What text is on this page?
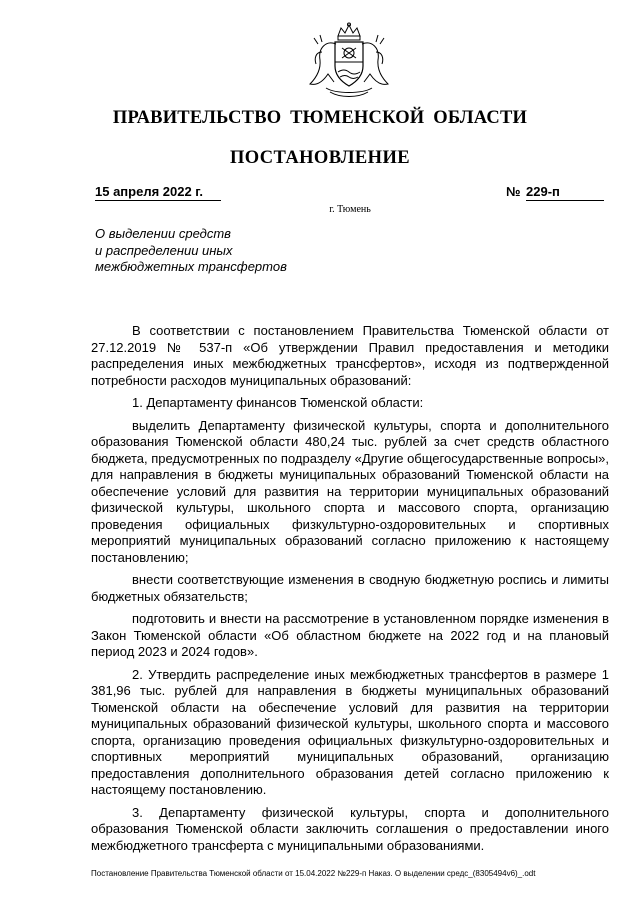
ПРАВИТЕЛЬСТВО ТЮМЕНСКОЙ ОБЛАСТИ
ПОСТАНОВЛЕНИЕ
15 апреля 2022 г.	№ 229-п
г. Тюмень
О выделении средств
и распределении иных
межбюджетных трансфертов

В соответствии с постановлением Правительства Тюменской области от 27.12.2019 № 537-п «Об утверждении Правил предоставления и методики распределения иных межбюджетных трансфертов», исходя из подтвержденной потребности расходов муниципальных образований:

1. Департаменту финансов Тюменской области:

выделить Департаменту физической культуры, спорта и дополнительного образования Тюменской области 480,24 тыс. рублей за счет средств областного бюджета, предусмотренных по подразделу «Другие общегосударственные вопросы», для направления в бюджеты муниципальных образований Тюменской области на обеспечение условий для развития на территории муниципальных образований физической культуры, школьного спорта и массового спорта, организацию проведения официальных физкультурно-оздоровительных и спортивных мероприятий муниципальных образований согласно приложению к настоящему постановлению;

внести соответствующие изменения в сводную бюджетную роспись и лимиты бюджетных обязательств;

подготовить и внести на рассмотрение в установленном порядке изменения в Закон Тюменской области «Об областном бюджете на 2022 год и на плановый период 2023 и 2024 годов».

2. Утвердить распределение иных межбюджетных трансфертов в размере 1 381,96 тыс. рублей для направления в бюджеты муниципальных образований Тюменской области на обеспечение условий для развития на территории муниципальных образований физической культуры, школьного спорта и массового спорта, организацию проведения официальных физкультурно-оздоровительных и спортивных мероприятий муниципальных образований, организацию предоставления дополнительного образования детей согласно приложению к настоящему постановлению.

3. Департаменту физической культуры, спорта и дополнительного образования Тюменской области заключить соглашения о предоставлении иного межбюджетного трансферта с муниципальными образованиями.

Постановление Правительства Тюменской области от 15.04.2022 №229-п Наказ. О выделении средс_(8305494v6)_.odt
